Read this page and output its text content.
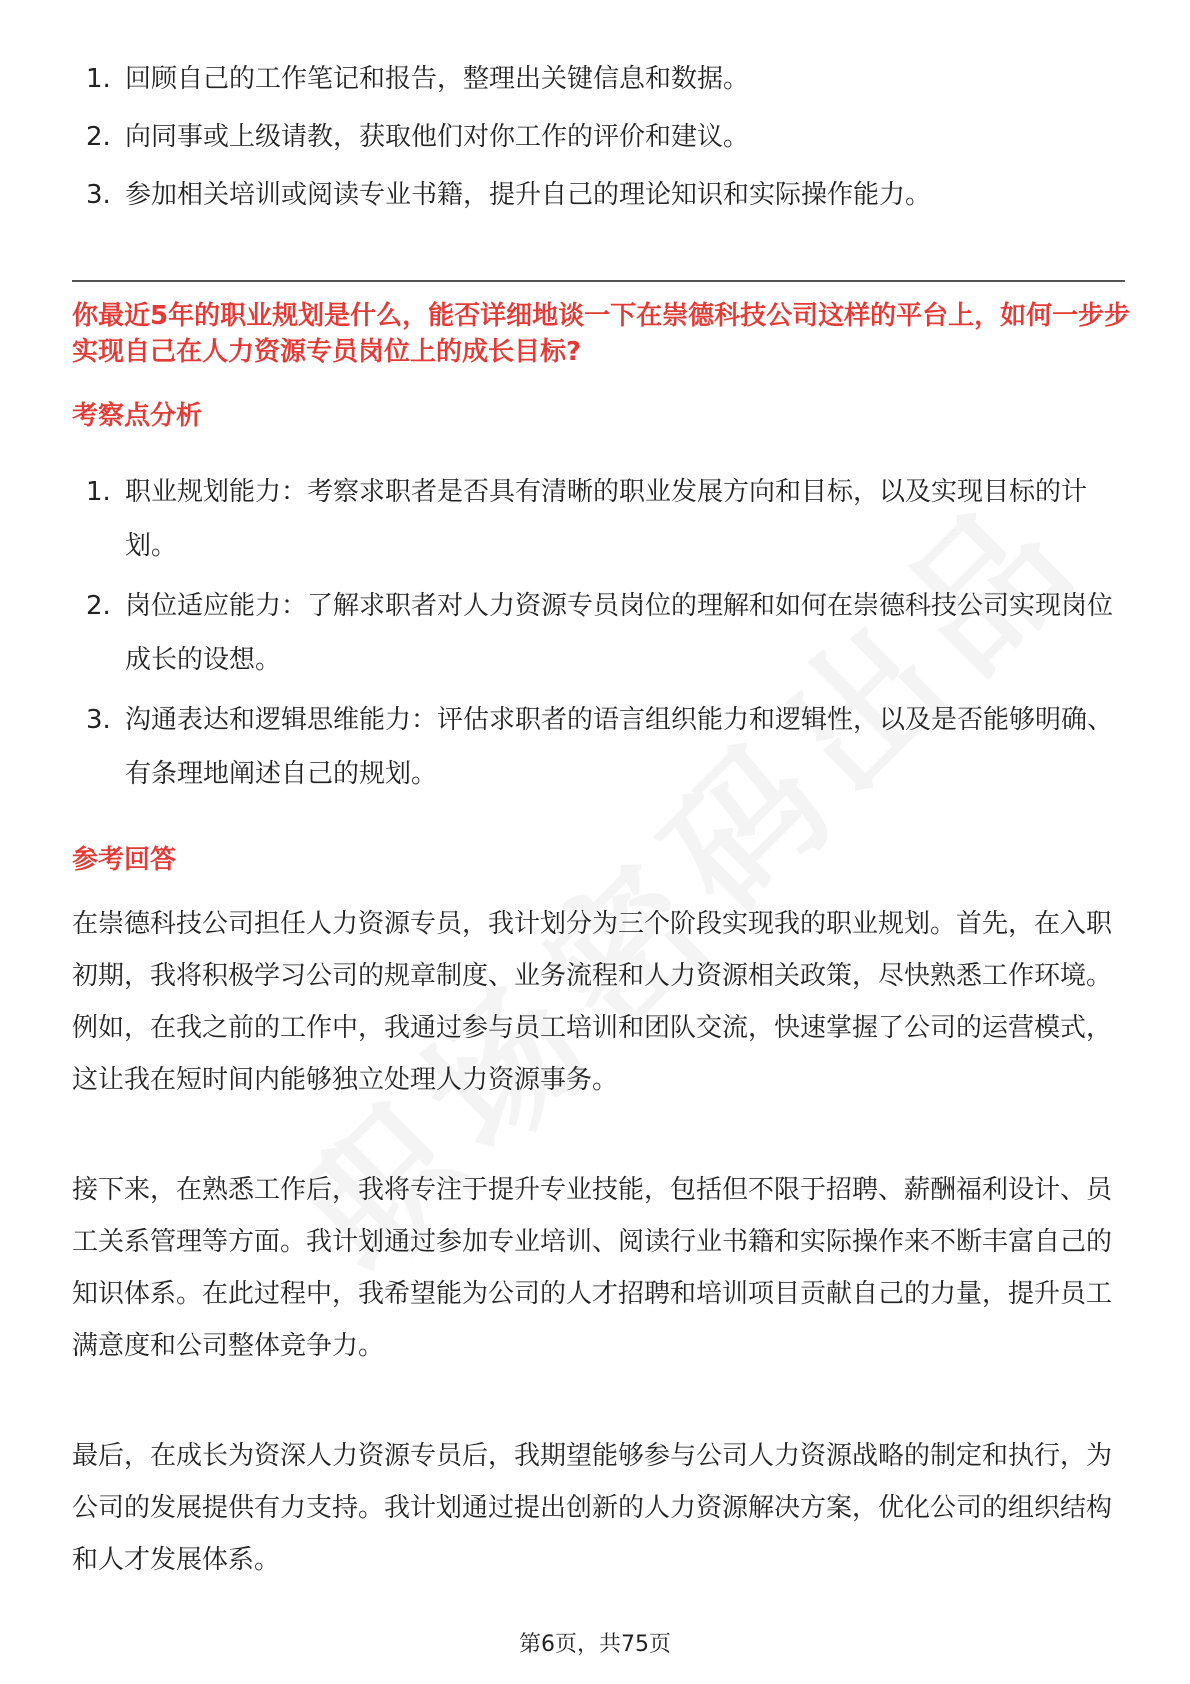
1. 回顾自己的工作笔记和报告，整理出关键信息和数据。
2. 向同事或上级请教，获取他们对你工作的评价和建议。
3. 参加相关培训或阅读专业书籍，提升自己的理论知识和实际操作能力。
你最近5年的职业规划是什么，能否详细地谈一下在崇德科技公司这样的平台上，如何一步步实现自己在人力资源专员岗位上的成长目标?
考察点分析
1. 职业规划能力：考察求职者是否具有清晰的职业发展方向和目标，以及实现目标的计划。
2. 岗位适应能力：了解求职者对人力资源专员岗位的理解和如何在崇德科技公司实现岗位成长的设想。
3. 沟通表达和逻辑思维能力：评估求职者的语言组织能力和逻辑性，以及是否能够明确、有条理地阐述自己的规划。
参考回答
在崇德科技公司担任人力资源专员，我计划分为三个阶段实现我的职业规划。首先，在入职初期，我将积极学习公司的规章制度、业务流程和人力资源相关政策，尽快熟悉工作环境。例如，在我之前的工作中，我通过参与员工培训和团队交流，快速掌握了公司的运营模式，这让我在短时间内能够独立处理人力资源事务。
接下来，在熟悉工作后，我将专注于提升专业技能，包括但不限于招聘、薪酬福利设计、员工关系管理等方面。我计划通过参加专业培训、阅读行业书籍和实际操作来不断丰富自己的知识体系。在此过程中，我希望能为公司的人才招聘和培训项目贡献自己的力量，提升员工满意度和公司整体竞争力。
最后，在成长为资深人力资源专员后，我期望能够参与公司人力资源战略的制定和执行，为公司的发展提供有力支持。我计划通过提出创新的人力资源解决方案，优化公司的组织结构和人才发展体系。
第6页，共75页
